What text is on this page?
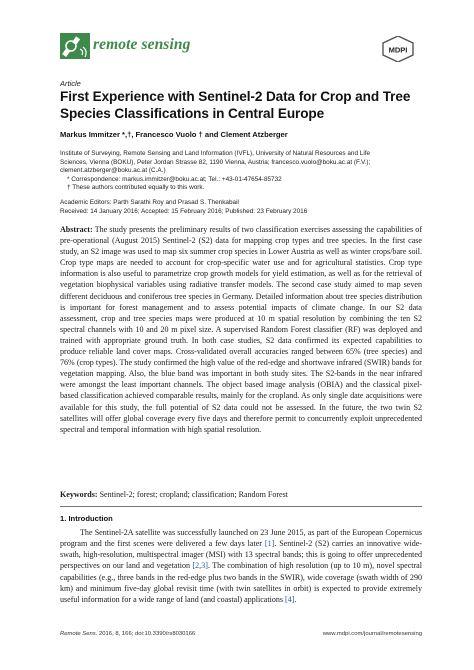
remote sensing	MDPI
Article
First Experience with Sentinel-2 Data for Crop and Tree Species Classifications in Central Europe
Markus Immitzer *,†, Francesco Vuolo † and Clement Atzberger

Institute of Surveying, Remote Sensing and Land Information (IVFL), University of Natural Resources and Life

Sciences, Vienna (BOKU), Peter Jordan Strasse 82, 1190 Vienna, Austria; francesco.vuolo@boku.ac.at (F.V.);

clement.atzberger@boku.ac.at (C.A.)

* Correspondence: markus.immitzer@boku.ac.at; Tel.: +43-01-47654-85732

† These authors contributed equally to this work.

Academic Editors: Parth Sarathi Roy and Prasad S. Thenkabail

Received: 14 January 2016; Accepted: 15 February 2016; Published: 23 February 2016

Abstract: The study presents the preliminary results of two classification exercises assessing the capabilities of pre-operational (August 2015) Sentinel-2 (S2) data for mapping crop types and tree species. In the first case study, an S2 image was used to map six summer crop species in Lower Austria as well as winter crops/bare soil. Crop type maps are needed to account for crop-specific water use and for agricultural statistics. Crop type information is also useful to parametrize crop growth models for yield estimation, as well as for the retrieval of vegetation biophysical variables using radiative transfer models. The second case study aimed to map seven different deciduous and coniferous tree species in Germany. Detailed information about tree species distribution is important for forest management and to assess potential impacts of climate change. In our S2 data assessment, crop and tree species maps were produced at 10 m spatial resolution by combining the ten S2 spectral channels with 10 and 20 m pixel size. A supervised Random Forest classifier (RF) was deployed and trained with appropriate ground truth. In both case studies, S2 data confirmed its expected capabilities to produce reliable land cover maps. Cross-validated overall accuracies ranged between 65% (tree species) and 76% (crop types). The study confirmed the high value of the red-edge and shortwave infrared (SWIR) bands for vegetation mapping. Also, the blue band was important in both study sites. The S2-bands in the near infrared were amongst the least important channels. The object based image analysis (OBIA) and the classical pixel-based classification achieved comparable results, mainly for the cropland. As only single date acquisitions were available for this study, the full potential of S2 data could not be assessed. In the future, the two twin S2 satellites will offer global coverage every five days and therefore permit to concurrently exploit unprecedented spectral and temporal information with high spatial resolution.

Keywords: Sentinel-2; forest; cropland; classification; Random Forest
1. Introduction

The Sentinel-2A satellite was successfully launched on 23 June 2015, as part of the European Copernicus program and the first scenes were delivered a few days later [1]. Sentinel-2 (S2) carries an innovative wide-swath, high-resolution, multispectral imager (MSI) with 13 spectral bands; this is going to offer unprecedented perspectives on our land and vegetation [2,3]. The combination of high resolution (up to 10 m), novel spectral capabilities (e.g., three bands in the red-edge plus two bands in the SWIR), wide coverage (swath width of 290 km) and minimum five-day global revisit time (with twin satellites in orbit) is expected to provide extremely useful information for a wide range of land (and coastal) applications [4].

Remote Sens. 2016, 8, 166; doi:10.3390/rs8030166	www.mdpi.com/journal/remotesensing
